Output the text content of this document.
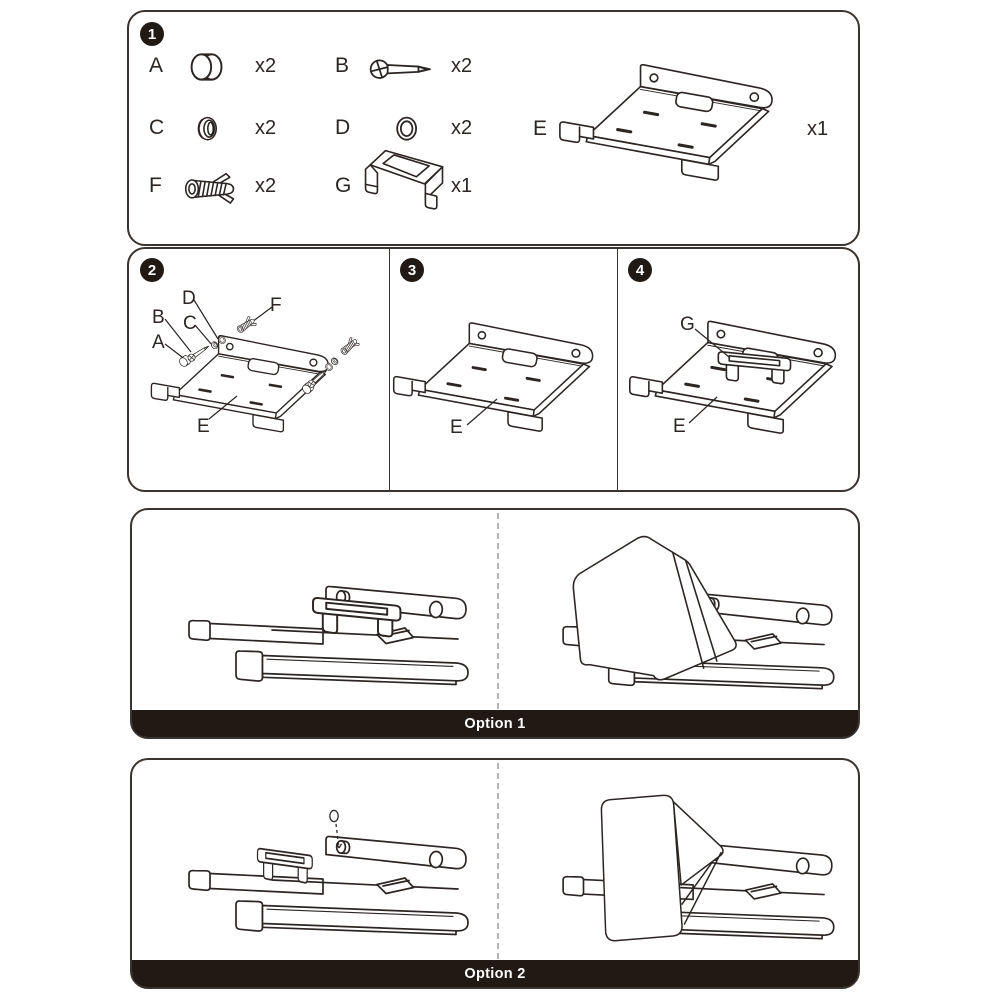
1
A	x2	B	x2
C	x2	D	x2
F	x2	G	x1
E	x1
2
D	F
B C
A
E
3
E
4
G
E
Option 1
Option 2
